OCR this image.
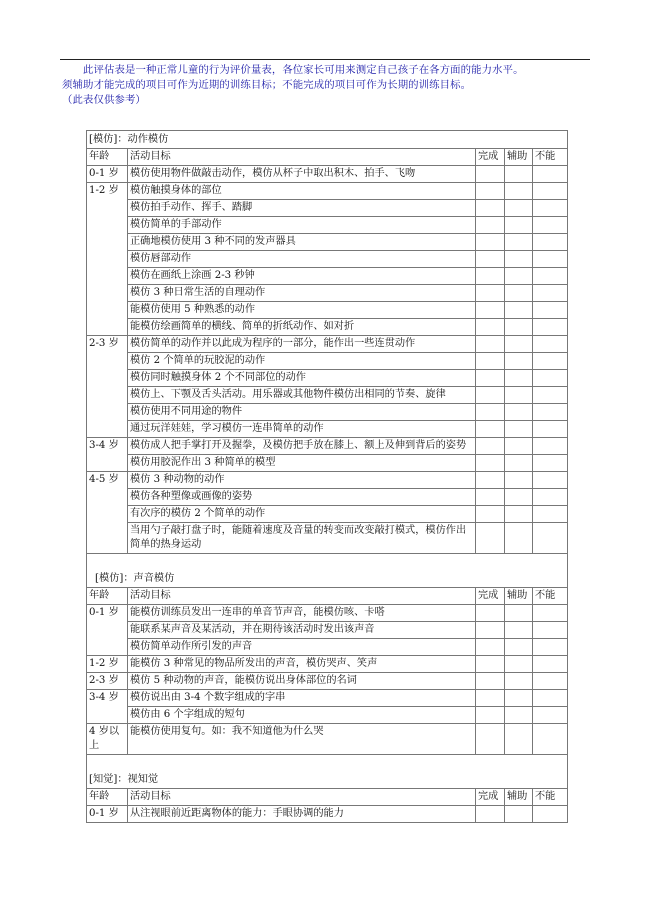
此评估表是一种正常儿童的行为评价量表，各位家长可用来测定自己孩子在各方面的能力水平。

须辅助才能完成的项目可作为近期的训练目标；不能完成的项目可作为长期的训练目标。

（此表仅供参考）

[模仿]：动作模仿				
年龄	活动目标	完成	辅助	不能
0-1 岁	模仿使用物件做敲击动作，模仿从杯子中取出积木、拍手、飞吻			
1-2 岁	模仿触摸身体的部位			
	模仿拍手动作、挥手、踏脚			
	模仿简单的手部动作			
	正确地模仿使用 3 种不同的发声器具			
	模仿唇部动作			
	模仿在画纸上涂画 2-3 秒钟			
	模仿 3 种日常生活的自理动作			
	能模仿使用 5 种熟悉的动作			
	能模仿绘画简单的横线、简单的折纸动作、如对折			
2-3 岁	模仿简单的动作并以此成为程序的一部分，能作出一些连贯动作			
	模仿 2 个简单的玩胶泥的动作			
	模仿同时触摸身体 2 个不同部位的动作			
	模仿上、下颚及舌头活动。用乐器或其他物件模仿出相同的节奏、旋律			
	模仿使用不同用途的物件			
	通过玩洋娃娃，学习模仿一连串简单的动作			
3-4 岁	模仿成人把手掌打开及握拳，及模仿把手放在膝上、额上及伸到背后的姿势			
	模仿用胶泥作出 3 种简单的模型			
4-5 岁	模仿 3 种动物的动作			
	模仿各种塑像或画像的姿势			
	有次序的模仿 2 个简单的动作			
	当用勺子敲打盘子时，能随着速度及音量的转变而改变敲打模式，模仿作出简单的热身运动			

[模仿]：声音模仿				
年龄	活动目标	完成	辅助	不能
0-1 岁	能模仿训练员发出一连串的单音节声音，能模仿咳、卡嗒			
	能联系某声音及某活动，并在期待该活动时发出该声音			
	模仿简单动作所引发的声音			
1-2 岁	能模仿 3 种常见的物品所发出的声音，模仿哭声、笑声			
2-3 岁	模仿 5 种动物的声音，能模仿说出身体部位的名词			
3-4 岁	模仿说出由 3-4 个数字组成的字串			
	模仿由 6 个字组成的短句			
4 岁以上	能模仿使用复句。如：我不知道他为什么哭			

[知觉]：视知觉				
年龄	活动目标	完成	辅助	不能
0-1 岁	从注视眼前近距离物体的能力：手眼协调的能力			
